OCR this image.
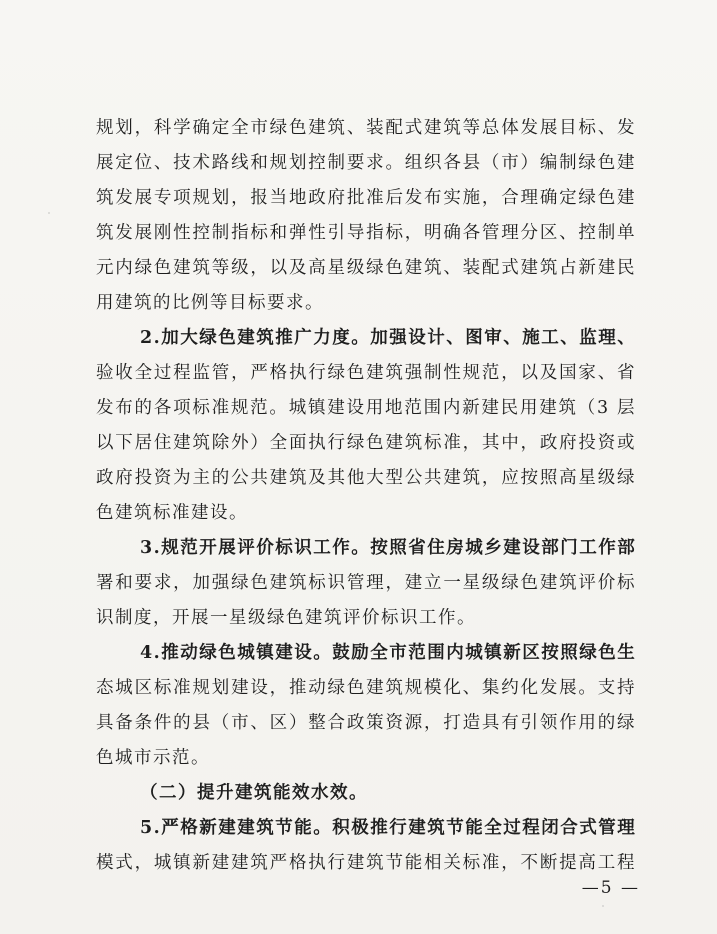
规划，科学确定全市绿色建筑、装配式建筑等总体发展目标、发
展定位、技术路线和规划控制要求。组织各县（市）编制绿色建
筑发展专项规划，报当地政府批准后发布实施，合理确定绿色建
筑发展刚性控制指标和弹性引导指标，明确各管理分区、控制单
元内绿色建筑等级，以及高星级绿色建筑、装配式建筑占新建民
用建筑的比例等目标要求。
2.加大绿色建筑推广力度。加强设计、图审、施工、监理、
验收全过程监管，严格执行绿色建筑强制性规范，以及国家、省
发布的各项标准规范。城镇建设用地范围内新建民用建筑（3 层
以下居住建筑除外）全面执行绿色建筑标准，其中，政府投资或
政府投资为主的公共建筑及其他大型公共建筑，应按照高星级绿
色建筑标准建设。
3.规范开展评价标识工作。按照省住房城乡建设部门工作部
署和要求，加强绿色建筑标识管理，建立一星级绿色建筑评价标
识制度，开展一星级绿色建筑评价标识工作。
4.推动绿色城镇建设。鼓励全市范围内城镇新区按照绿色生
态城区标准规划建设，推动绿色建筑规模化、集约化发展。支持
具备条件的县（市、区）整合政策资源，打造具有引领作用的绿
色城市示范。
（二）提升建筑能效水效。
5.严格新建建筑节能。积极推行建筑节能全过程闭合式管理
模式，城镇新建建筑严格执行建筑节能相关标准，不断提高工程
—5 —
